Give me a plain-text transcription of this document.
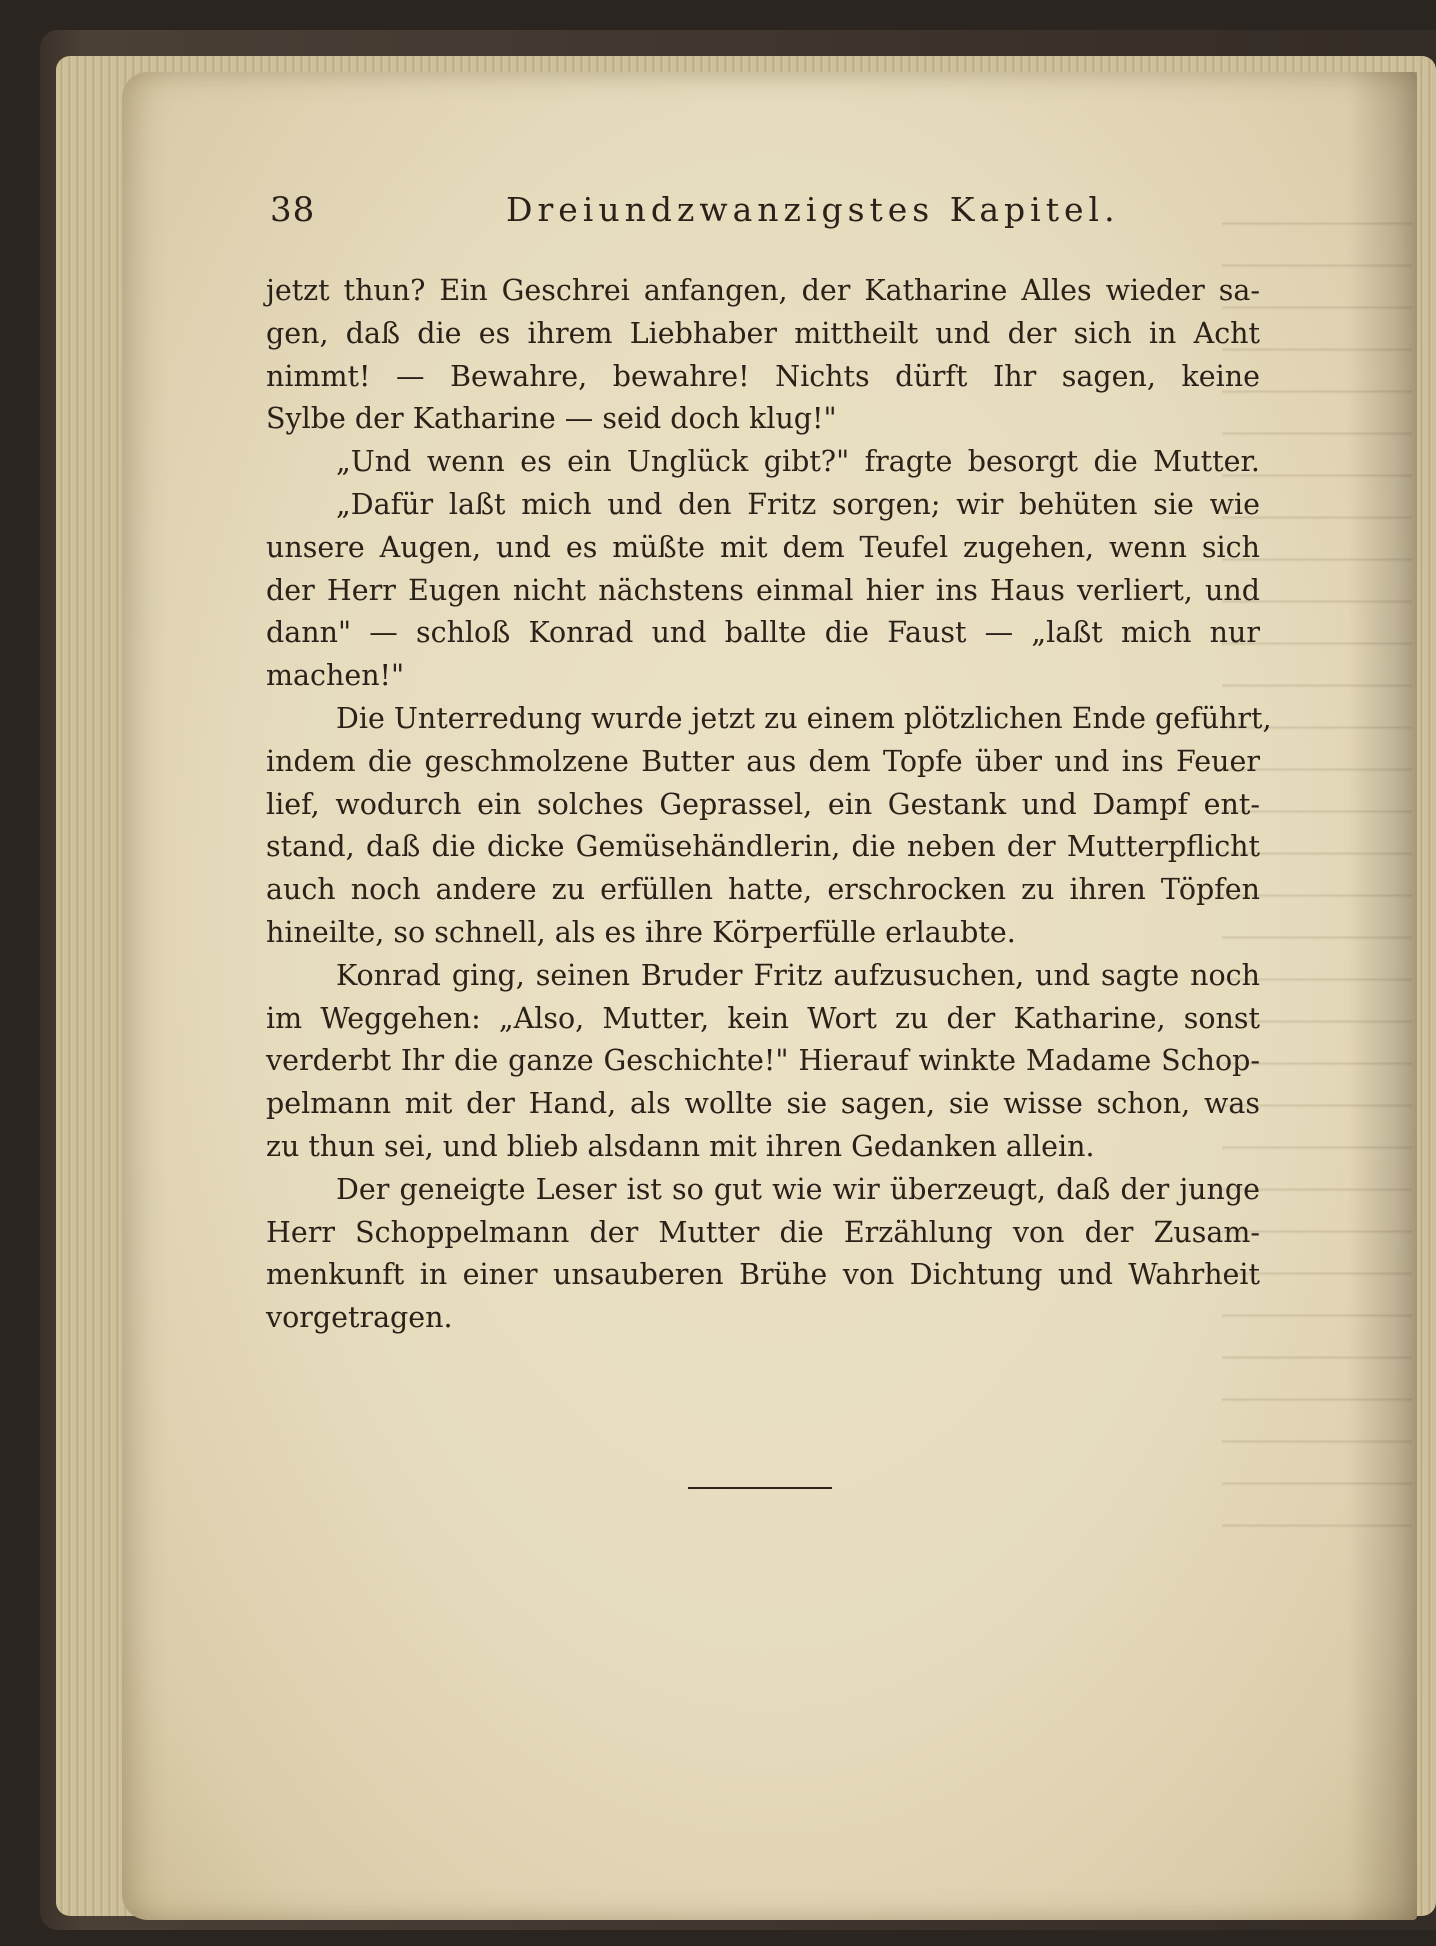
38	Dreiundzwanzigstes Kapitel.
jetzt thun? Ein Geschrei anfangen, der Katharine Alles wieder sa-
gen, daß die es ihrem Liebhaber mittheilt und der sich in Acht
nimmt! — Bewahre, bewahre! Nichts dürft Ihr sagen, keine
Sylbe der Katharine — seid doch klug!"
„Und wenn es ein Unglück gibt?" fragte besorgt die Mutter.
„Dafür laßt mich und den Fritz sorgen; wir behüten sie wie
unsere Augen, und es müßte mit dem Teufel zugehen, wenn sich
der Herr Eugen nicht nächstens einmal hier ins Haus verliert, und
dann" — schloß Konrad und ballte die Faust — „laßt mich nur
machen!"
Die Unterredung wurde jetzt zu einem plötzlichen Ende geführt,
indem die geschmolzene Butter aus dem Topfe über und ins Feuer
lief, wodurch ein solches Geprassel, ein Gestank und Dampf ent-
stand, daß die dicke Gemüsehändlerin, die neben der Mutterpflicht
auch noch andere zu erfüllen hatte, erschrocken zu ihren Töpfen
hineilte, so schnell, als es ihre Körperfülle erlaubte.
Konrad ging, seinen Bruder Fritz aufzusuchen, und sagte noch
im Weggehen: „Also, Mutter, kein Wort zu der Katharine, sonst
verderbt Ihr die ganze Geschichte!" Hierauf winkte Madame Schop-
pelmann mit der Hand, als wollte sie sagen, sie wisse schon, was
zu thun sei, und blieb alsdann mit ihren Gedanken allein.
Der geneigte Leser ist so gut wie wir überzeugt, daß der junge
Herr Schoppelmann der Mutter die Erzählung von der Zusam-
menkunft in einer unsauberen Brühe von Dichtung und Wahrheit
vorgetragen.
